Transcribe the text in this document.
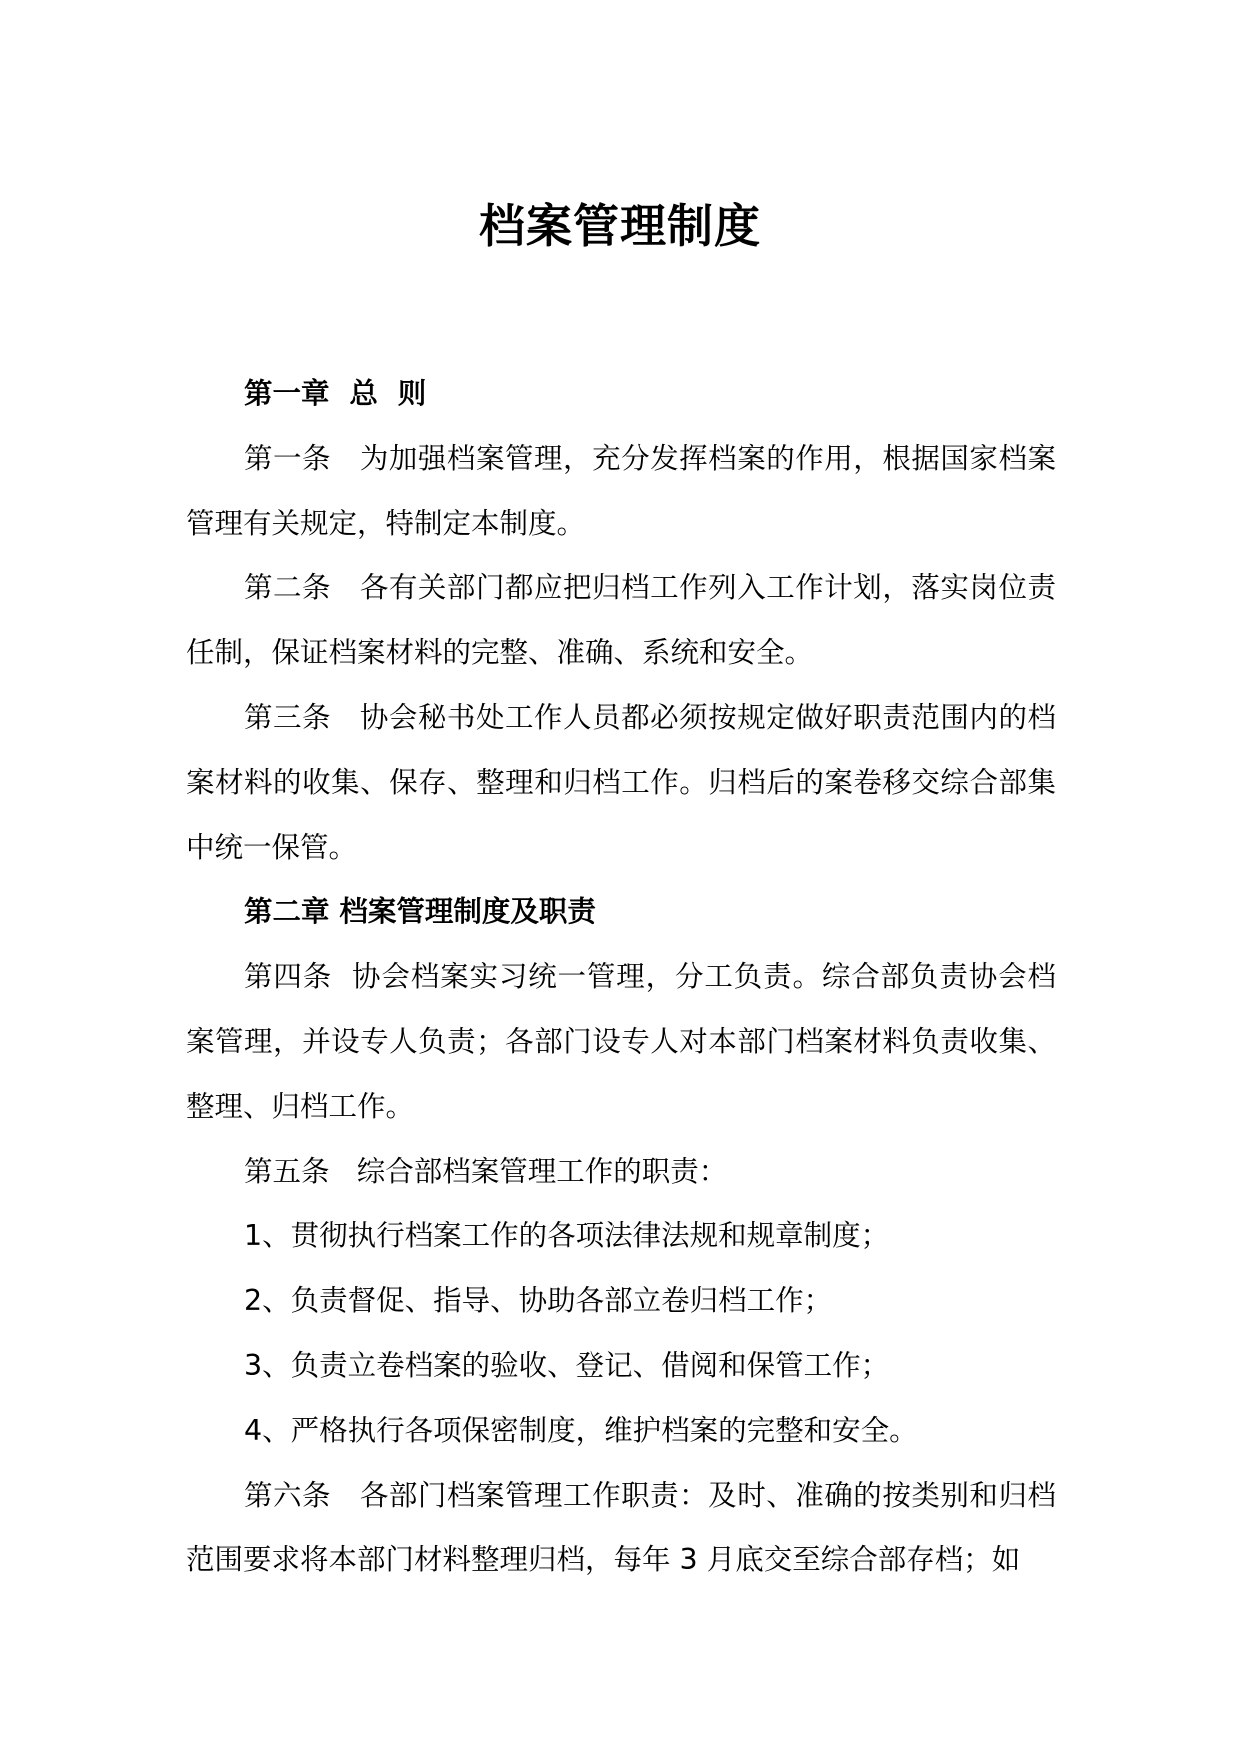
档案管理制度

第一章  总  则

第一条   为加强档案管理，充分发挥档案的作用，根据国家档案管理有关规定，特制定本制度。

第二条   各有关部门都应把归档工作列入工作计划，落实岗位责任制，保证档案材料的完整、准确、系统和安全。

第三条   协会秘书处工作人员都必须按规定做好职责范围内的档案材料的收集、保存、整理和归档工作。归档后的案卷移交综合部集中统一保管。

第二章 档案管理制度及职责

第四条  协会档案实习统一管理，分工负责。综合部负责协会档案管理，并设专人负责；各部门设专人对本部门档案材料负责收集、整理、归档工作。

第五条   综合部档案管理工作的职责：

1、贯彻执行档案工作的各项法律法规和规章制度；

2、负责督促、指导、协助各部立卷归档工作；

3、负责立卷档案的验收、登记、借阅和保管工作；

4、严格执行各项保密制度，维护档案的完整和安全。

第六条   各部门档案管理工作职责：及时、准确的按类别和归档范围要求将本部门材料整理归档，每年 3 月底交至综合部存档；如
